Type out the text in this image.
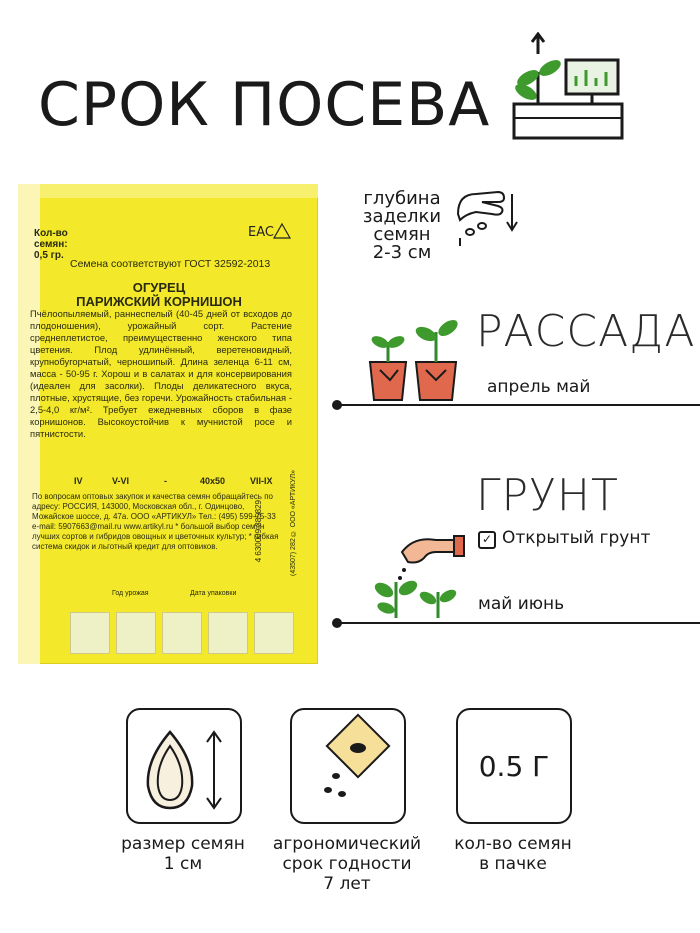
СРОК ПОСЕВА
EAC
Кол-во семян:
0,5 гр.
Семена соответствуют ГОСТ 32592-2013
ОГУРЕЦ
ПАРИЖСКИЙ КОРНИШОН
Пчёлоопыляемый, раннеспелый (40-45 дней от всходов до плодоношения), урожайный сорт. Растение среднеплетистое, преимущественно женского типа цветения. Плод удлинённый, веретеновидный, крупнобугорчатый, черношипый. Длина зеленца 6-11 см, масса - 50-95 г. Хорош и в салатах и для консервирования (идеален для засолки). Плоды деликатесного вкуса, плотные, хрустящие, без горечи. Урожайность стабильная - 2,5-4,0 кг/м². Требует ежедневных сборов в фазе корнишонов. Высокоустойчив к мучнистой росе и пятнистости.
IV	V-VI	-	40x50	VII-IX
По вопросам оптовых закупок и качества семян обращайтесь по адресу: РОССИЯ, 143000, Московская обл., г. Одинцово, Можайское шоссе, д. 47а. ООО «АРТИКУЛ» Тел.: (495) 599-75-33 e-mail: 5907663@mail.ru www.artikyl.ru * большой выбор семян лучших сортов и гибридов овощных и цветочных культур; * гибкая система скидок и льготный кредит для оптовиков.
Год урожая	Дата упаковки
4 630009 385829	(43507) 282 © ООО «АРТИКУЛ»
глубина
заделки
семян
2-3 см
РАССАДА
апрель май
ГРУНТ
✓ Открытый грунт
май июнь
0.5 Г
размер семян
1 см
агрономический
срок годности
7 лет
кол-во семян
в пачке
